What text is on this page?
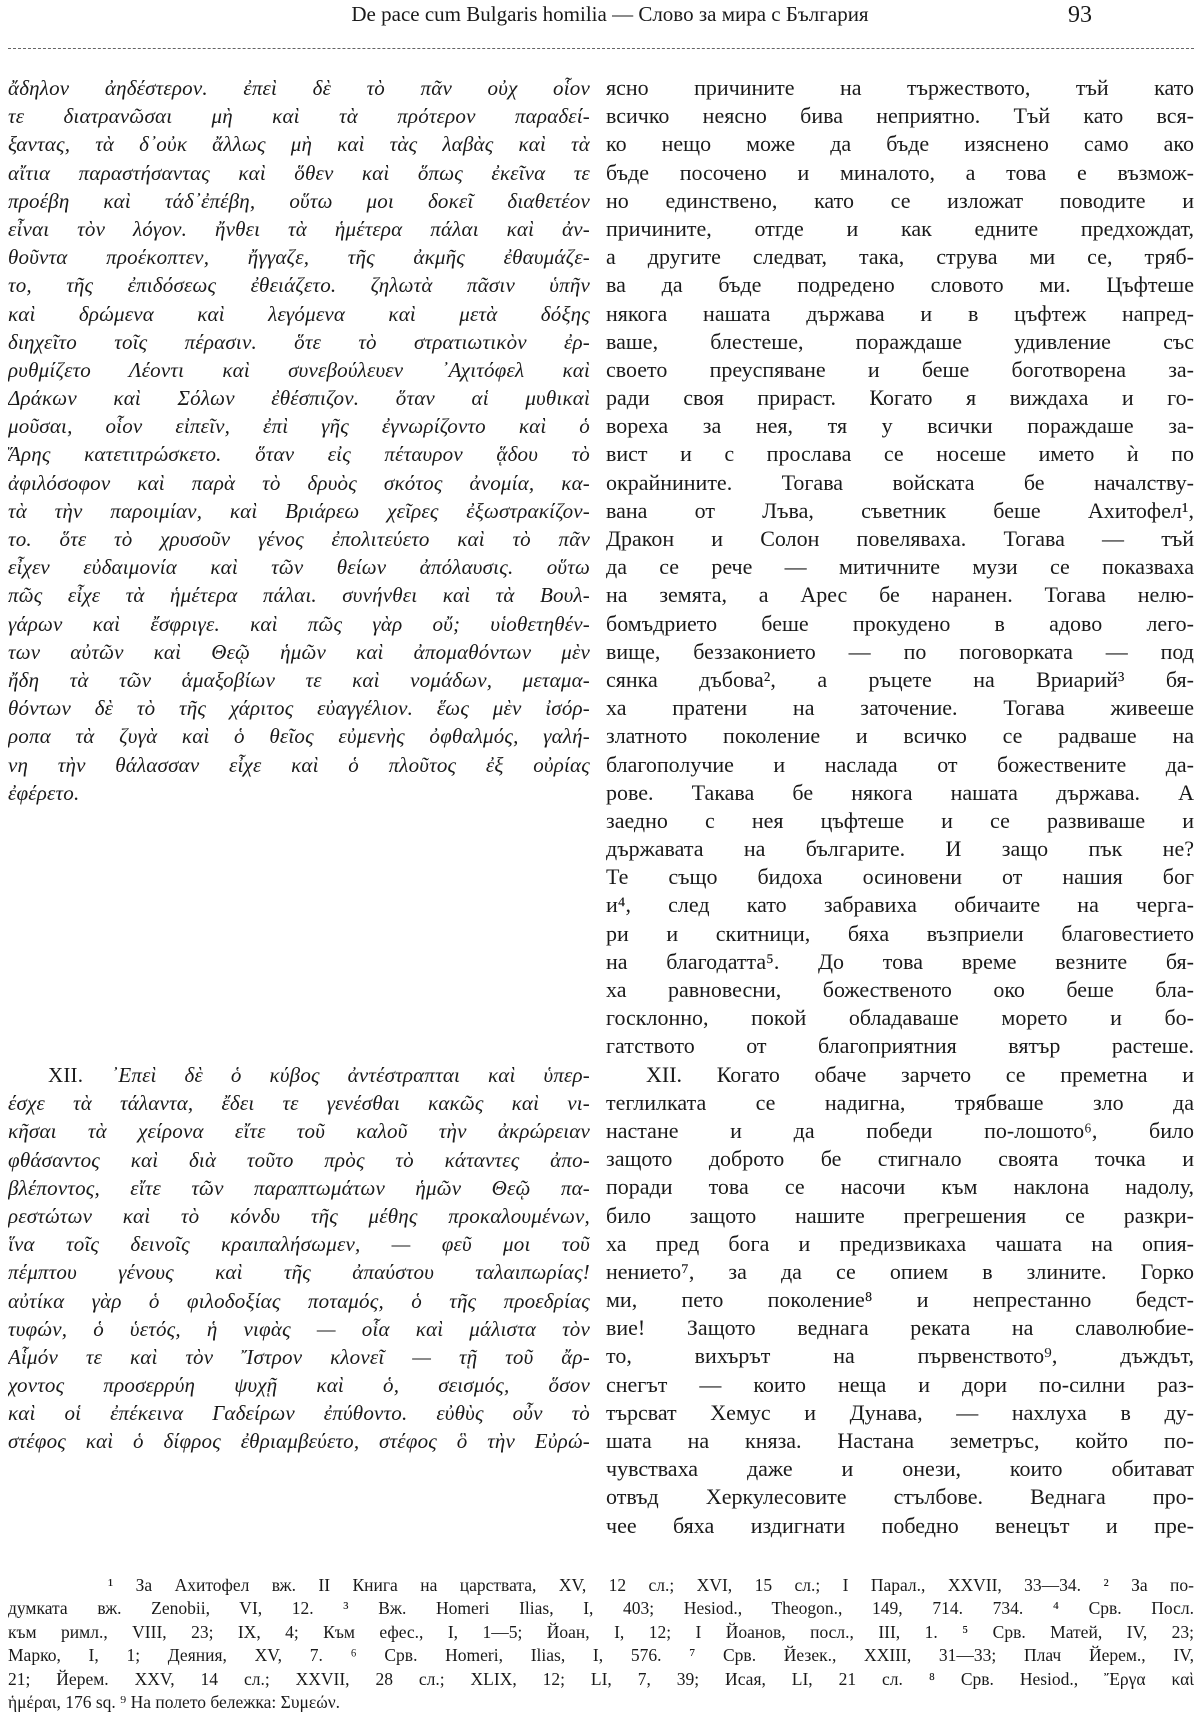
De pace cum Bulgaris homilia — Слово за мира с България	93
ἄδηλον ἀηδέστερον. ἐπεὶ δὲ τὸ πᾶν οὐχ οἷον
τε διατρανῶσαι μὴ καὶ τὰ πρότερον παραδεί-
ξαντας, τὰ δ᾽οὐκ ἄλλως μὴ καὶ τὰς λαβὰς καὶ τὰ
αἴτια παραστήσαντας καὶ ὅθεν καὶ ὅπως ἐκεῖνα τε
προέβη καὶ τάδ᾽ἐπέβη, οὕτω μοι δοκεῖ διαθετέον
εἶναι τὸν λόγον. ἤνθει τὰ ἡμέτερα πάλαι καὶ ἀν-
θοῦντα προέκοπτεν, ἤγγαζε, τῆς ἀκμῆς ἐθαυμάζε-
το, τῆς ἐπιδόσεως ἐθειάζετο. ζηλωτὰ πᾶσιν ὑπῆν
καὶ δρώμενα καὶ λεγόμενα καὶ μετὰ δόξης
διηχεῖτο τοῖς πέρασιν. ὅτε τὸ στρατιωτικὸν ἐρ-
ρυθμίζετο Λέοντι καὶ συνεβούλευεν ᾿Αχιτόφελ καὶ
Δράκων καὶ Σόλων ἐθέσπιζον. ὅταν αἱ μυθικαὶ
μοῦσαι, οἷον εἰπεῖν, ἐπὶ γῆς ἐγνωρίζοντο καὶ ὁ
Ἄρης κατετιτρώσκετο. ὅταν εἰς πέταυρον ᾅδου τὸ
ἀφιλόσοφον καὶ παρὰ τὸ δρυὸς σκότος ἀνομία, κα-
τὰ τὴν παροιμίαν, καὶ Βριάρεω χεῖρες ἐξωστρακίζον-
το. ὅτε τὸ χρυσοῦν γένος ἐπολιτεύετο καὶ τὸ πᾶν
εἶχεν εὐδαιμονία καὶ τῶν θείων ἀπόλαυσις. οὕτω
πῶς εἶχε τὰ ἡμέτερα πάλαι. συνήνθει καὶ τὰ Βουλ-
γάρων καὶ ἔσφριγε. καὶ πῶς γὰρ οὔ; υἱοθετηθέν-
των αὐτῶν καὶ Θεῷ ἡμῶν καὶ ἀπομαθόντων μὲν
ἤδη τὰ τῶν ἁμαξοβίων τε καὶ νομάδων, μεταμα-
θόντων δὲ τὸ τῆς χάριτος εὐαγγέλιον. ἕως μὲν ἰσόρ-
ροπα τὰ ζυγὰ καὶ ὁ θεῖος εὐμενὴς ὀφθαλμός, γαλή-
νη τὴν θάλασσαν εἶχε καὶ ὁ πλοῦτος ἐξ οὐρίας
ἐφέρετο.
XII. ᾿Επεὶ δὲ ὁ κύβος ἀντέστραπται καὶ ὑπερ-
έσχε τὰ τάλαντα, ἔδει τε γενέσθαι κακῶς καὶ νι-
κῆσαι τὰ χείρονα εἴτε τοῦ καλοῦ τὴν ἀκρώρειαν
φθάσαντος καὶ διὰ τοῦτο πρὸς τὸ κάταντες ἀπο-
βλέποντος, εἴτε τῶν παραπτωμάτων ἡμῶν Θεῷ πα-
ρεστώτων καὶ τὸ κόνδυ τῆς μέθης προκαλουμένων,
ἵνα τοῖς δεινοῖς κραιπαλήσωμεν, — φεῦ μοι τοῦ
πέμπτου γένους καὶ τῆς ἀπαύστου ταλαιπωρίας!
αὐτίκα γὰρ ὁ φιλοδοξίας ποταμός, ὁ τῆς προεδρίας
τυφών, ὁ ὑετός, ἡ νιφὰς — οἷα καὶ μάλιστα τὸν
Αἷμόν τε καὶ τὸν Ἴστρον κλονεῖ — τῇ τοῦ ἄρ-
χοντος προσερρύη ψυχῇ καὶ ὁ, σεισμός, ὅσον
καὶ οἱ ἐπέκεινα Γαδείρων ἐπύθοντο. εὐθὺς οὖν τὸ
στέφος καὶ ὁ δίφρος ἐθριαμβεύετο, στέφος ὃ τὴν Εὐρώ-
ясно причините на тържеството, тъй като
всичко неясно бива неприятно. Тъй като вся-
ко нещо може да бъде изяснено само ако
бъде посочено и миналото, а това е възмож-
но единствено, като се изложат поводите и
причините, отгде и как едните предхождат,
а другите следват, така, струва ми се, тряб-
ва да бъде подредено словото ми. Цъфтеше
някога нашата държава и в цъфтеж напред-
ваше, блестеше, пораждаше удивление със
своето преуспяване и беше боготворена за-
ради своя прираст. Когато я виждаха и го-
вореха за нея, тя у всички пораждаше за-
вист и с прослава се носеше името ѝ по
окрайнините. Тогава войската бе началству-
вана от Лъва, съветник беше Ахитофел¹,
Дракон и Солон повеляваха. Тогава — тъй
да се рече — митичните музи се показваха
на земята, а Арес бе наранен. Тогава нелю-
бомъдрието беше прокудено в адово лего-
вище, беззаконието — по поговорката — под
сянка дъбова², а ръцете на Вриарий³ бя-
ха пратени на заточение. Тогава живееше
златното поколение и всичко се радваше на
благополучие и наслада от божествените да-
рове. Такава бе някога нашата държава. А
заедно с нея цъфтеше и се развиваше и
държавата на българите. И защо пък не?
Те също бидоха осиновени от нашия бог
и⁴, след като забравиха обичаите на черга-
ри и скитници, бяха възприели благовестието
на благодатта⁵. До това време везните бя-
ха равновесни, божественото око беше бла-
госклонно, покой обладаваше морето и бо-
гатството от благоприятния вятър растеше.
XII. Когато обаче зарчето се преметна и
теглилката се надигна, трябваше зло да
настане и да победи по-лошото⁶, било
защото доброто бе стигнало своята точка и
поради това се насочи към наклона надолу,
било защото нашите прегрешения се разкри-
ха пред бога и предизвикаха чашата на опия-
нението⁷, за да се опием в злините. Горко
ми, пето поколение⁸ и непрестанно бедст-
вие! Защото веднага реката на славолюбие-
то, вихърът на първенството⁹, дъждът,
снегът — които неща и дори по-силни раз-
търсват Хемус и Дунава, — нахлуха в ду-
шата на княза. Настана земетръс, който по-
чувстваха даже и онези, които обитават
отвъд Херкулесовите стълбове. Веднага про-
чее бяха издигнати победно венецът и пре-
¹ За Ахитофел вж. II Книга на царствата, XV, 12 сл.; XVI, 15 сл.; I Парал., XXVII, 33—34. ² За по-
думката вж. Zenobii, VI, 12. ³ Вж. Homeri Ilias, I, 403; Hesiod., Theogon., 149, 714. 734. ⁴ Срв. Посл.
към римл., VIII, 23; IX, 4; Към ефес., I, 1—5; Йоан, I, 12; I Йоанов, посл., III, 1. ⁵ Срв. Матей, IV, 23;
Марко, I, 1; Деяния, XV, 7. ⁶ Срв. Homeri, Ilias, I, 576. ⁷ Срв. Йезек., XXIII, 31—33; Плач Йерем., IV,
21; Йерем. XXV, 14 сл.; XXVII, 28 сл.; XLIX, 12; LI, 7, 39; Исая, LI, 21 сл. ⁸ Срв. Hesiod., Ἔργα καὶ
ἡμέραι, 176 sq. ⁹ На полето бележка: Συμεών.
